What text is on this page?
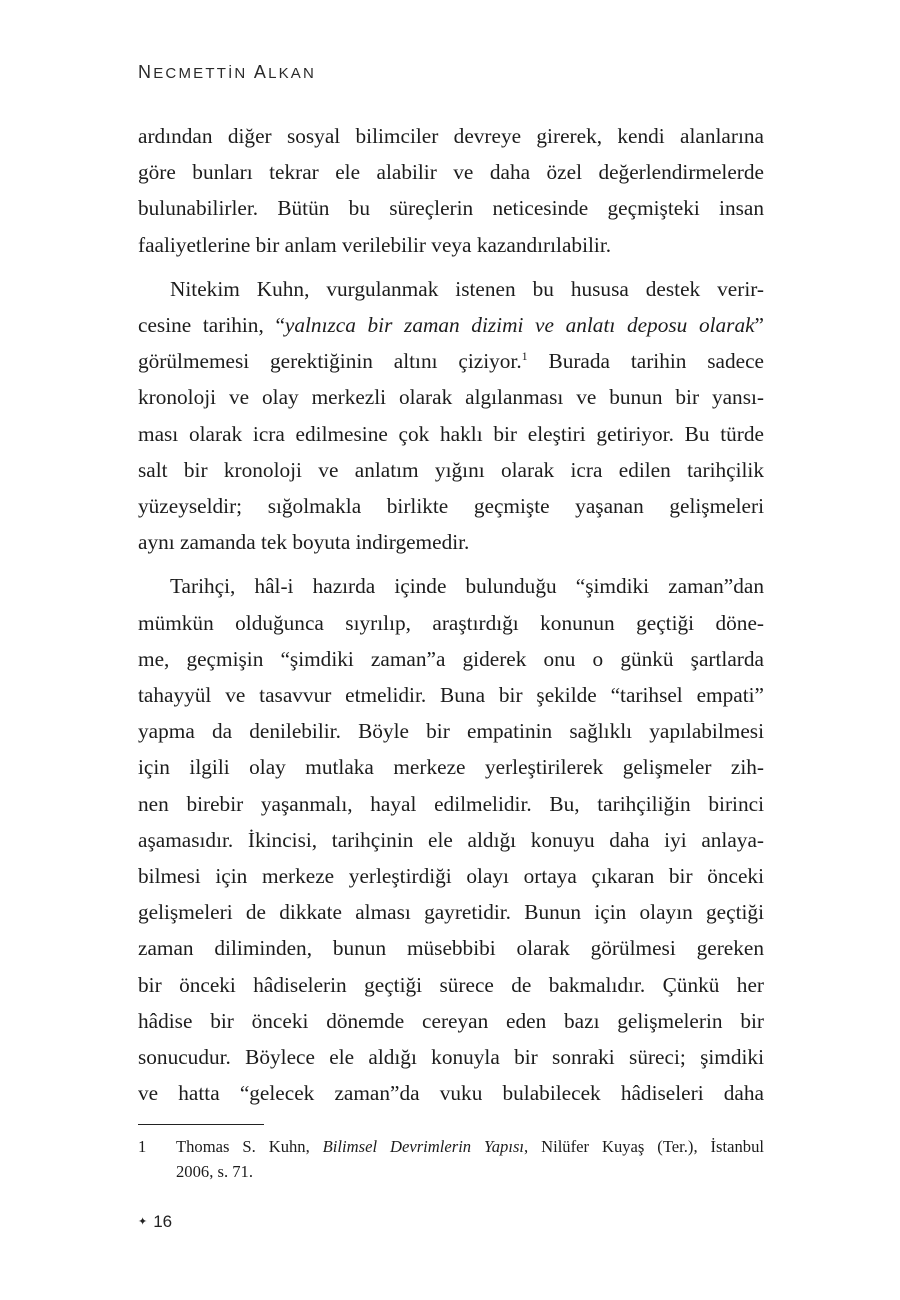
NECMETTİN ALKAN

ardından diğer sosyal bilimciler devreye girerek, kendi alanlarına
göre bunları tekrar ele alabilir ve daha özel değerlendirmelerde
bulunabilirler. Bütün bu süreçlerin neticesinde geçmişteki insan
faaliyetlerine bir anlam verilebilir veya kazandırılabilir.

Nitekim Kuhn, vurgulanmak istenen bu hususa destek verir-
cesine tarihin, “yalnızca bir zaman dizimi ve anlatı deposu olarak”
görülmemesi gerektiğinin altını çiziyor.$^1$ Burada tarihin sadece
kronoloji ve olay merkezli olarak algılanması ve bunun bir yansı-
ması olarak icra edilmesine çok haklı bir eleştiri getiriyor. Bu türde
salt bir kronoloji ve anlatım yığını olarak icra edilen tarihçilik
yüzeyseldir; sığolmakla birlikte geçmişte yaşanan gelişmeleri
aynı zamanda tek boyuta indirgemedir.

Tarihçi, hâl-i hazırda içinde bulunduğu “şimdiki zaman”dan
mümkün olduğunca sıyrılıp, araştırdığı konunun geçtiği döne-
me, geçmişin “şimdiki zaman”a giderek onu o günkü şartlarda
tahayyül ve tasavvur etmelidir. Buna bir şekilde “tarihsel empati”
yapma da denilebilir. Böyle bir empatinin sağlıklı yapılabilmesi
için ilgili olay mutlaka merkeze yerleştirilerek gelişmeler zih-
nen birebir yaşanmalı, hayal edilmelidir. Bu, tarihçiliğin birinci
aşamasıdır. İkincisi, tarihçinin ele aldığı konuyu daha iyi anlaya-
bilmesi için merkeze yerleştirdiği olayı ortaya çıkaran bir önceki
gelişmeleri de dikkate alması gayretidir. Bunun için olayın geçtiği
zaman diliminden, bunun müsebbibi olarak görülmesi gereken
bir önceki hâdiselerin geçtiği sürece de bakmalıdır. Çünkü her
hâdise bir önceki dönemde cereyan eden bazı gelişmelerin bir
sonucudur. Böylece ele aldığı konuyla bir sonraki süreci; şimdiki
ve hatta “gelecek zaman”da vuku bulabilecek hâdiseleri daha

1 Thomas S. Kuhn, Bilimsel Devrimlerin Yapısı, Nilüfer Kuyaş (Ter.), İstanbul
2006, s. 71.
✦ 16
